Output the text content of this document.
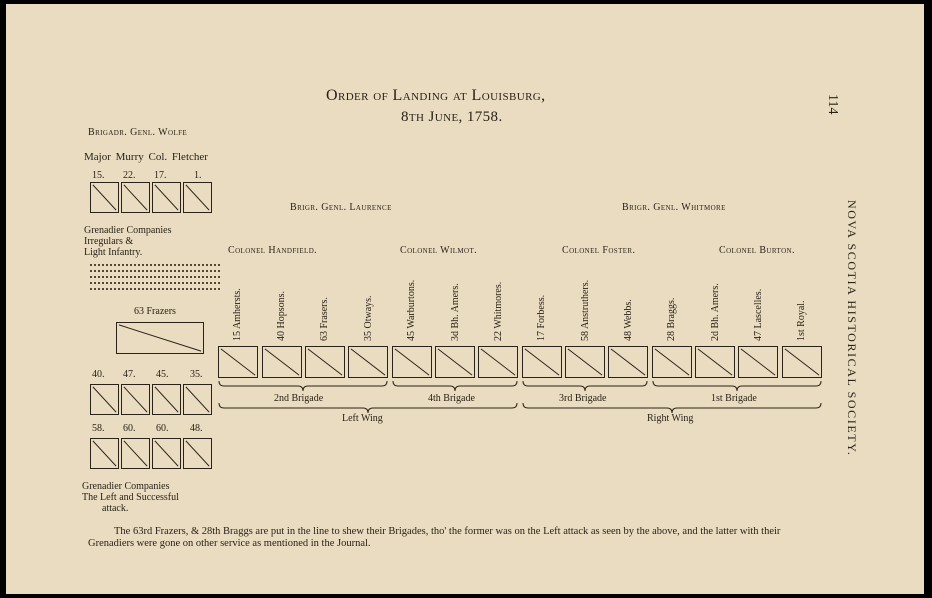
Order of Landing at Louisburg,
8th June, 1758.
114
NOVA SCOTIA HISTORICAL SOCIETY.
Brigadr. Genl. Wolfe
Major Murry Col. Fletcher
15. 22. 17.	1.
Grenadier Companies
Irregulars &
Light Infantry.
63 Frazers
40. 47. 45. 35.
58. 60. 60. 48.
Grenadier Companies
The Left and Successful
attack.
Brigr. Genl. Laurence	Brigr. Genl. Whitmore
Colonel Handfield.	Colonel Wilmot.	Colonel Foster.	Colonel Burton.
15 Amhersts.	40 Hopsons.	63 Frasers.	35 Otways.	45 Warburtons.	3d Bh. Amers.	22 Whitmores.	17 Forbess.	58 Anstruthers.	48 Webbs.	28 Braggs.	2d Bh. Amers.	47 Lascelles.	1st Royal.
2nd Brigade	4th Brigade	3rd Brigade	1st Brigade
Left Wing	Right Wing
The 63rd Frazers, & 28th Braggs are put in the line to shew their Brigades, tho' the former was on the Left attack as seen by the above, and the latter with their Grenadiers were gone on other service as mentioned in the Journal.
